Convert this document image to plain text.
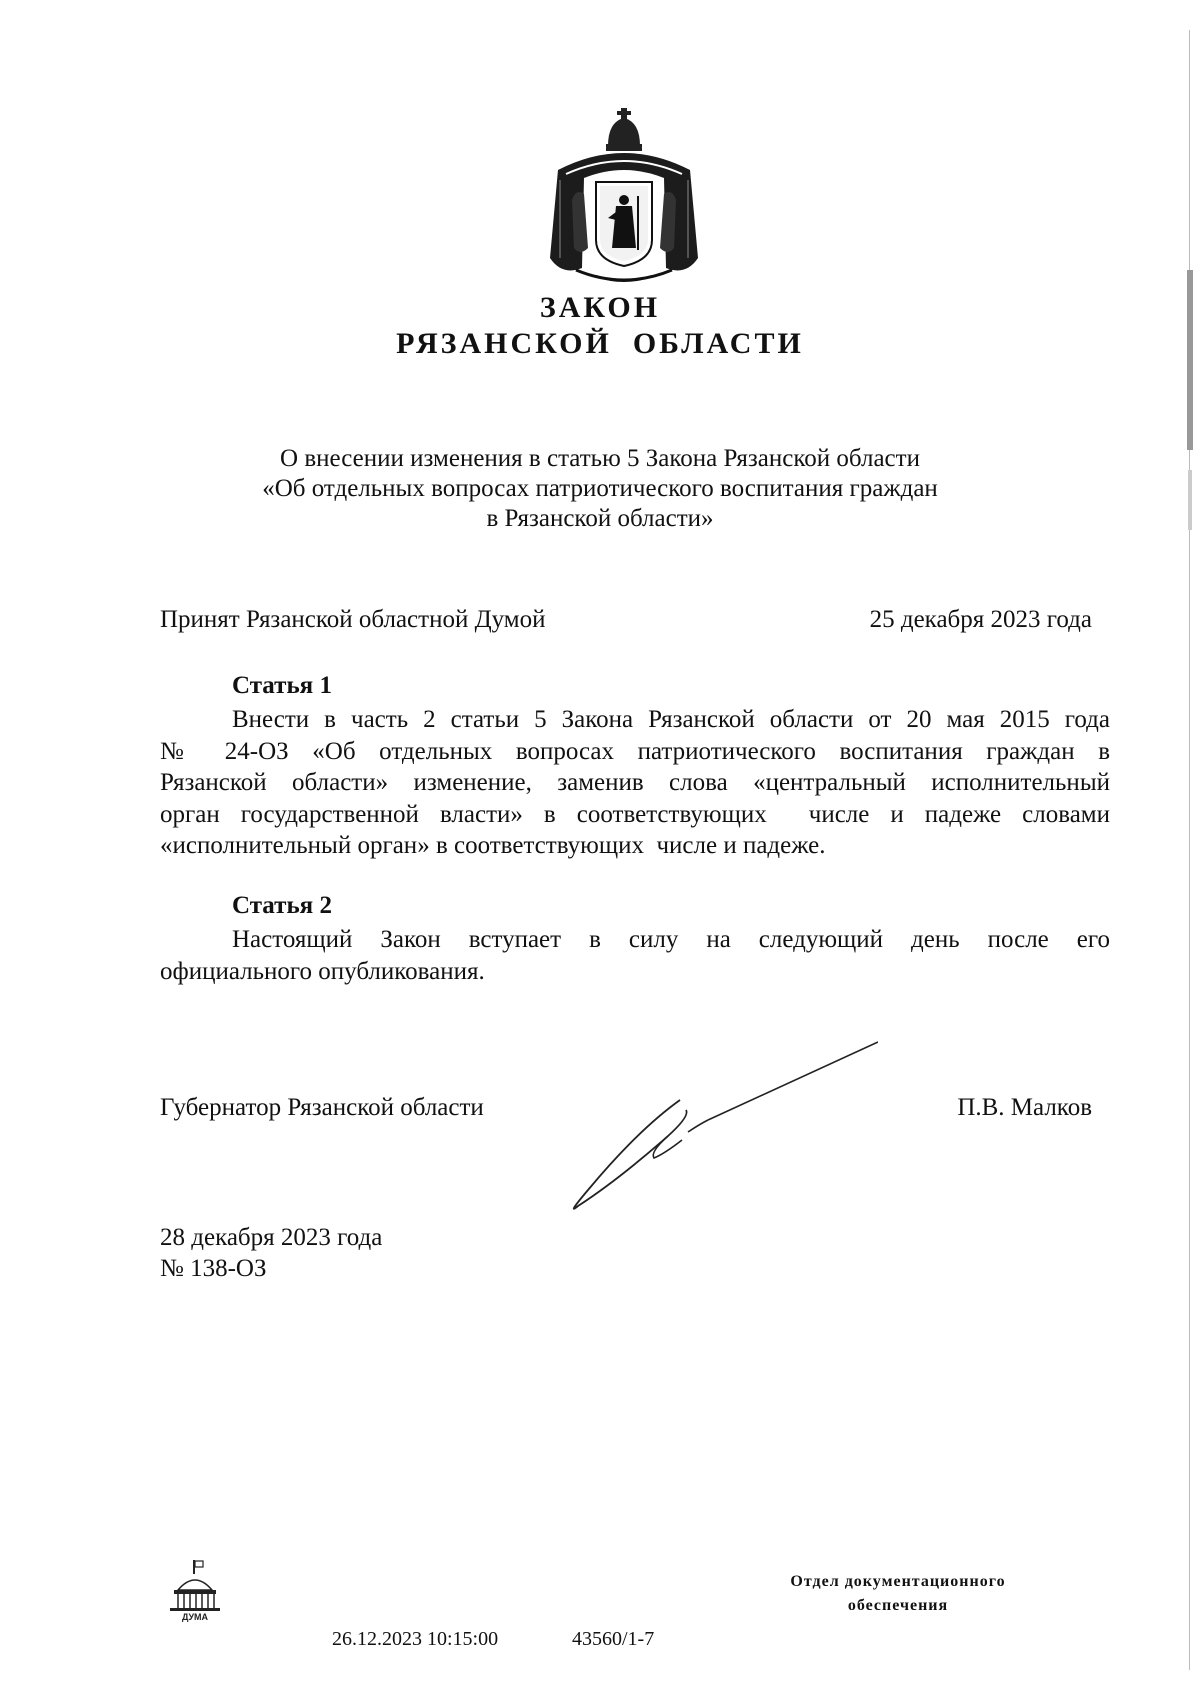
ЗАКОН
РЯЗАНСКОЙ  ОБЛАСТИ
О внесении изменения в статью 5 Закона Рязанской области
«Об отдельных вопросах патриотического воспитания граждан
в Рязанской области»
Принят Рязанской областной Думой	25 декабря 2023 года
Статья 1

Внести в часть 2 статьи 5 Закона Рязанской области от 20 мая 2015 года

№ 24-ОЗ «Об отдельных вопросах патриотического воспитания граждан в

Рязанской области» изменение, заменив слова «центральный исполнительный

орган государственной власти» в соответствующих  числе и падеже словами

«исполнительный орган» в соответствующих  числе и падеже.

Статья 2

Настоящий Закон вступает в силу на следующий день после его

официального опубликования.

Губернатор Рязанской области	П.В. Малков
28 декабря 2023 года
№ 138-ОЗ
ДУМА
26.12.2023 10:15:00	43560/1-7
Отдел документационного
обеспечения
